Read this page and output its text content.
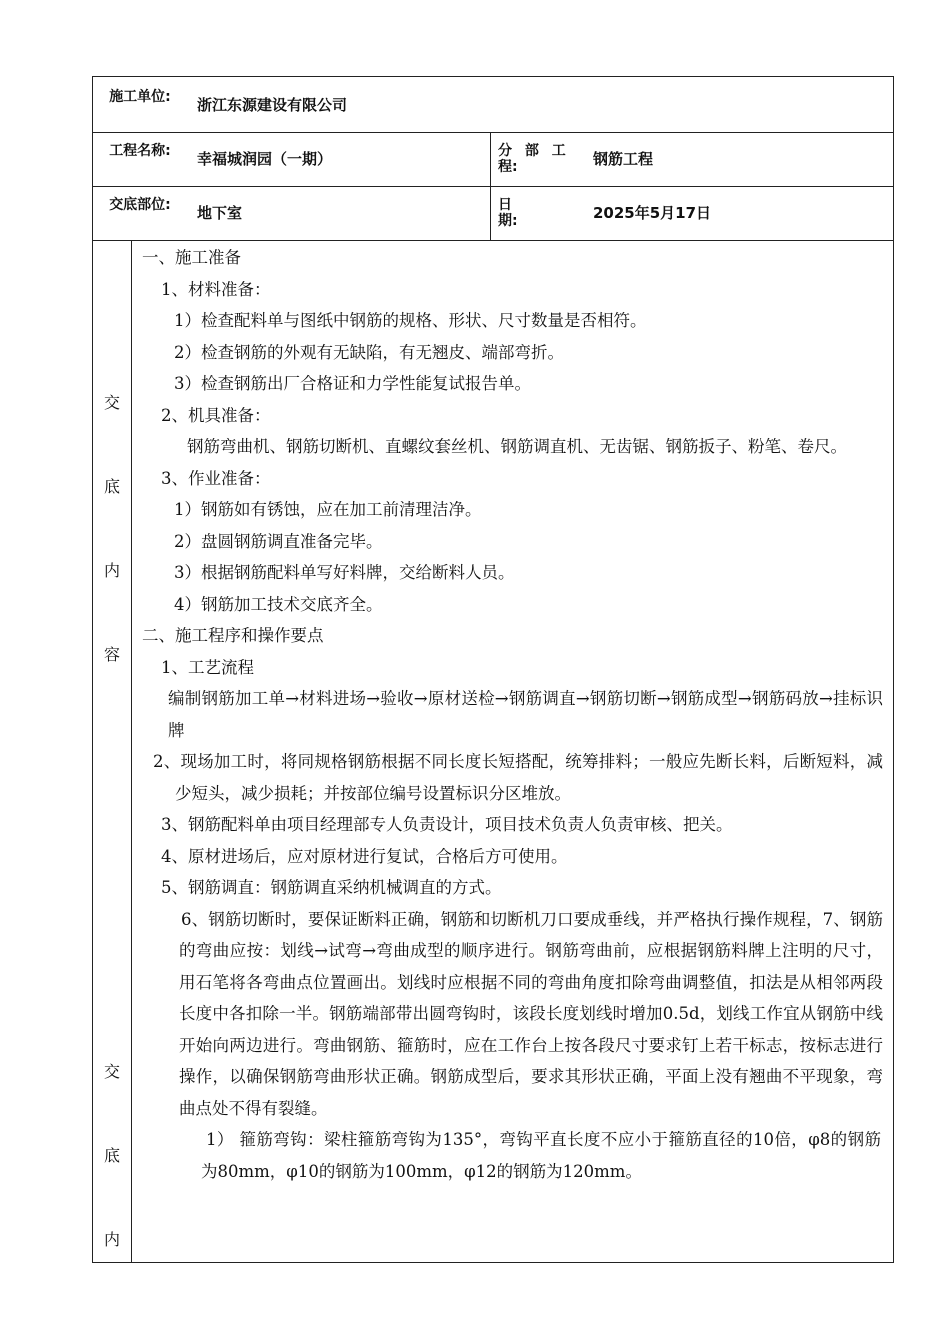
施工单位: 浙江东源建设有限公司
工程名称: 幸福城润园（一期）	分 部 工程:	钢筋工程
交底部位: 地下室	日期:	2025年5月17日
交
底
内
容
交
底
内

一、施工准备

1、材料准备：

1）检查配料单与图纸中钢筋的规格、形状、尺寸数量是否相符。

2）检查钢筋的外观有无缺陷，有无翘皮、端部弯折。

3）检查钢筋出厂合格证和力学性能复试报告单。

2、机具准备：

钢筋弯曲机、钢筋切断机、直螺纹套丝机、钢筋调直机、无齿锯、钢筋扳子、粉笔、卷尺。

3、作业准备：

1）钢筋如有锈蚀，应在加工前清理洁净。

2）盘圆钢筋调直准备完毕。

3）根据钢筋配料单写好料牌，交给断料人员。

4）钢筋加工技术交底齐全。

二、施工程序和操作要点

1、工艺流程

编制钢筋加工单→材料进场→验收→原材送检→钢筋调直→钢筋切断→钢筋成型→钢筋码放→挂标识牌

2、现场加工时，将同规格钢筋根据不同长度长短搭配，统筹排料；一般应先断长料，后断短料，减少短头，减少损耗；并按部位编号设置标识分区堆放。

3、钢筋配料单由项目经理部专人负责设计，项目技术负责人负责审核、把关。

4、原材进场后，应对原材进行复试，合格后方可使用。

5、钢筋调直：钢筋调直采纳机械调直的方式。

6、钢筋切断时，要保证断料正确，钢筋和切断机刀口要成垂线，并严格执行操作规程，7、钢筋的弯曲应按：划线→试弯→弯曲成型的顺序进行。钢筋弯曲前，应根据钢筋料牌上注明的尺寸，用石笔将各弯曲点位置画出。划线时应根据不同的弯曲角度扣除弯曲调整值，扣法是从相邻两段长度中各扣除一半。钢筋端部带出圆弯钩时，该段长度划线时增加0.5d，划线工作宜从钢筋中线开始向两边进行。弯曲钢筋、箍筋时，应在工作台上按各段尺寸要求钉上若干标志，按标志进行操作，以确保钢筋弯曲形状正确。钢筋成型后，要求其形状正确，平面上没有翘曲不平现象，弯曲点处不得有裂缝。

1） 箍筋弯钩：梁柱箍筋弯钩为135°，弯钩平直长度不应小于箍筋直径的10倍，φ8的钢筋为80mm，φ10的钢筋为100mm，φ12的钢筋为120mm。
